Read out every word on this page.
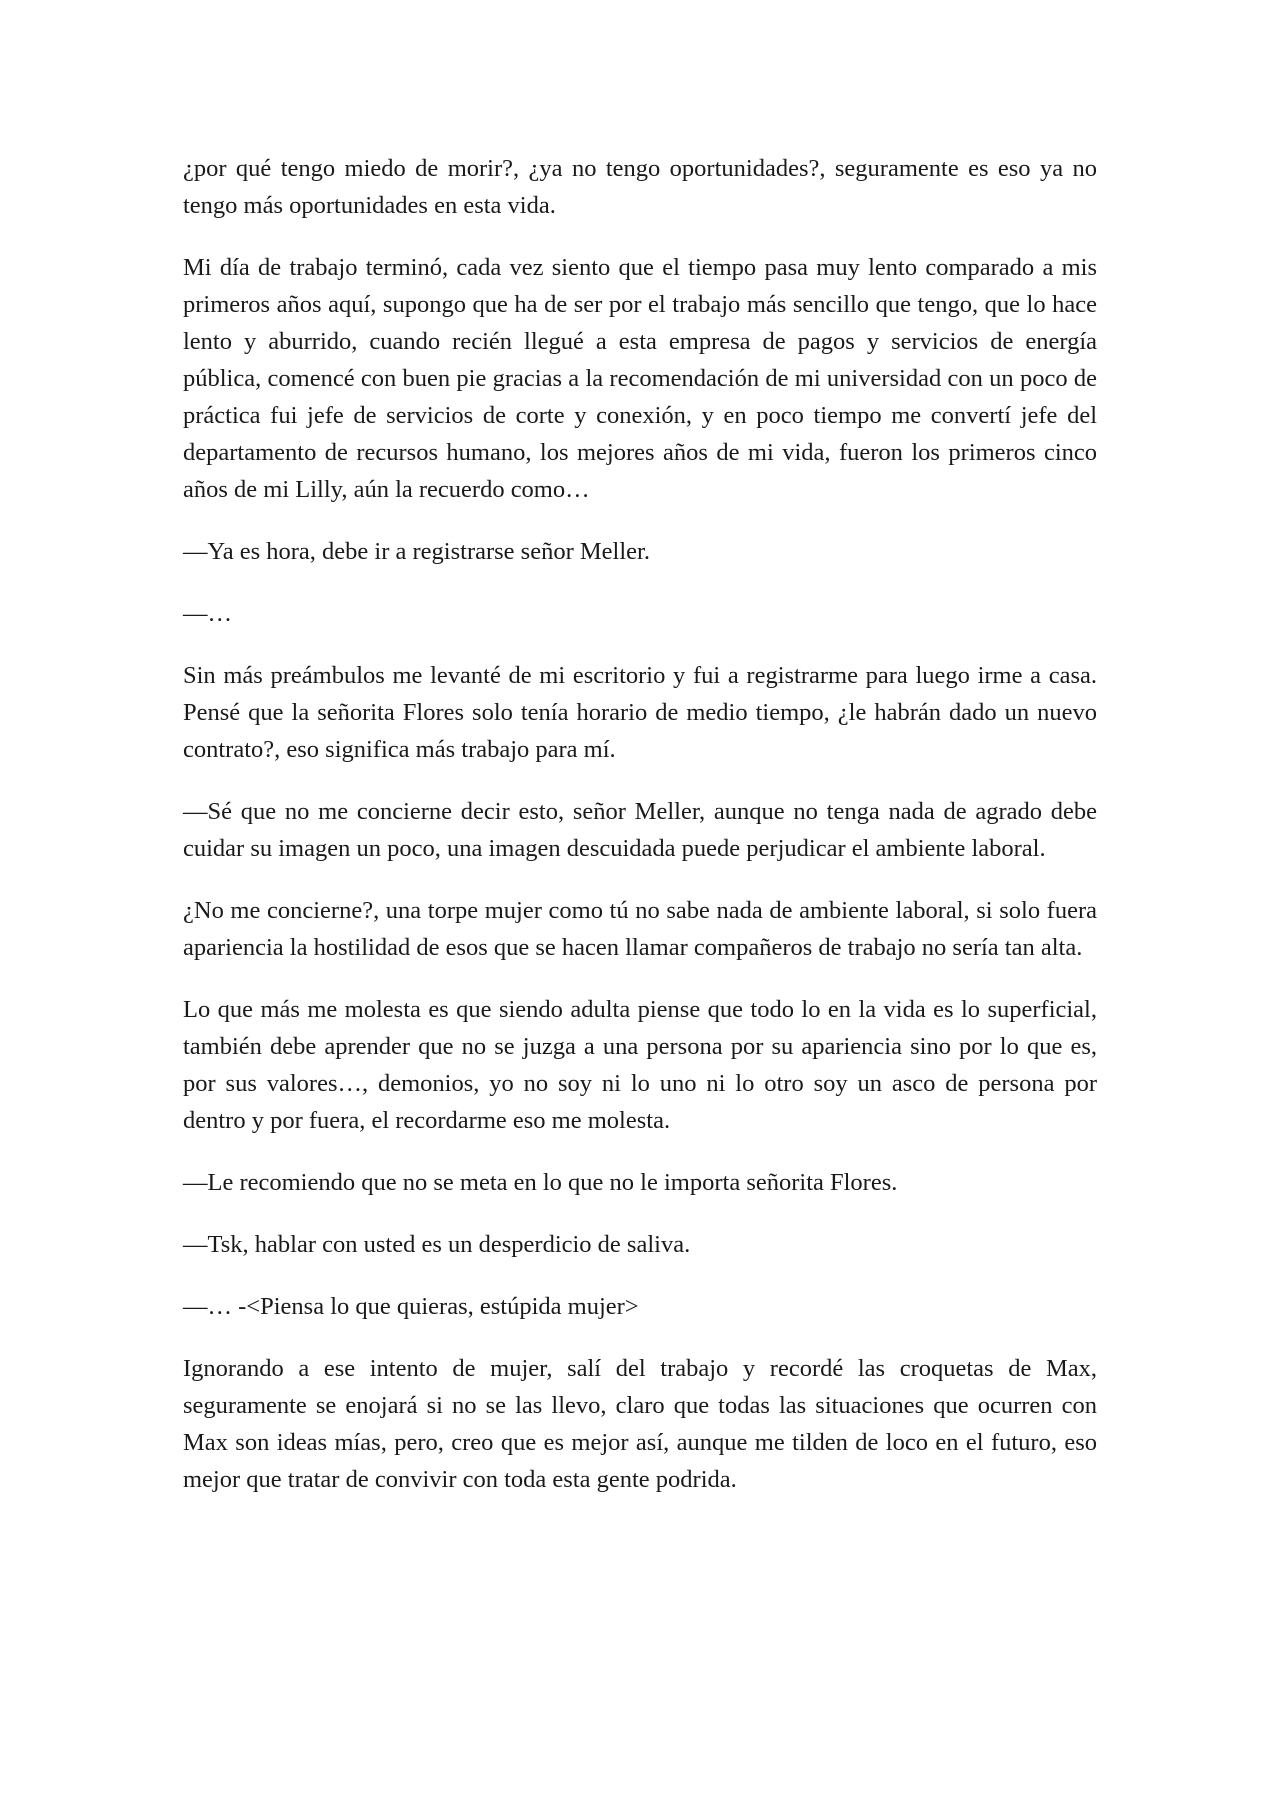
¿por qué tengo miedo de morir?, ¿ya no tengo oportunidades?, seguramente es eso ya no tengo más oportunidades en esta vida.

Mi día de trabajo terminó, cada vez siento que el tiempo pasa muy lento comparado a mis primeros años aquí, supongo que ha de ser por el trabajo más sencillo que tengo, que lo hace lento y aburrido, cuando recién llegué a esta empresa de pagos y servicios de energía pública, comencé con buen pie gracias a la recomendación de mi universidad con un poco de práctica fui jefe de servicios de corte y conexión, y en poco tiempo me convertí jefe del departamento de recursos humano, los mejores años de mi vida, fueron los primeros cinco años de mi Lilly, aún la recuerdo como…

—Ya es hora, debe ir a registrarse señor Meller.

—…

Sin más preámbulos me levanté de mi escritorio y fui a registrarme para luego irme a casa. Pensé que la señorita Flores solo tenía horario de medio tiempo, ¿le habrán dado un nuevo contrato?, eso significa más trabajo para mí.

—Sé que no me concierne decir esto, señor Meller, aunque no tenga nada de agrado debe cuidar su imagen un poco, una imagen descuidada puede perjudicar el ambiente laboral.

¿No me concierne?, una torpe mujer como tú no sabe nada de ambiente laboral, si solo fuera apariencia la hostilidad de esos que se hacen llamar compañeros de trabajo no sería tan alta.

Lo que más me molesta es que siendo adulta piense que todo lo en la vida es lo superficial, también debe aprender que no se juzga a una persona por su apariencia sino por lo que es, por sus valores…, demonios, yo no soy ni lo uno ni lo otro soy un asco de persona por dentro y por fuera, el recordarme eso me molesta.

—Le recomiendo que no se meta en lo que no le importa señorita Flores.

—Tsk, hablar con usted es un desperdicio de saliva.

—… -<Piensa lo que quieras, estúpida mujer>

Ignorando a ese intento de mujer, salí del trabajo y recordé las croquetas de Max, seguramente se enojará si no se las llevo, claro que todas las situaciones que ocurren con Max son ideas mías, pero, creo que es mejor así, aunque me tilden de loco en el futuro, eso mejor que tratar de convivir con toda esta gente podrida.
